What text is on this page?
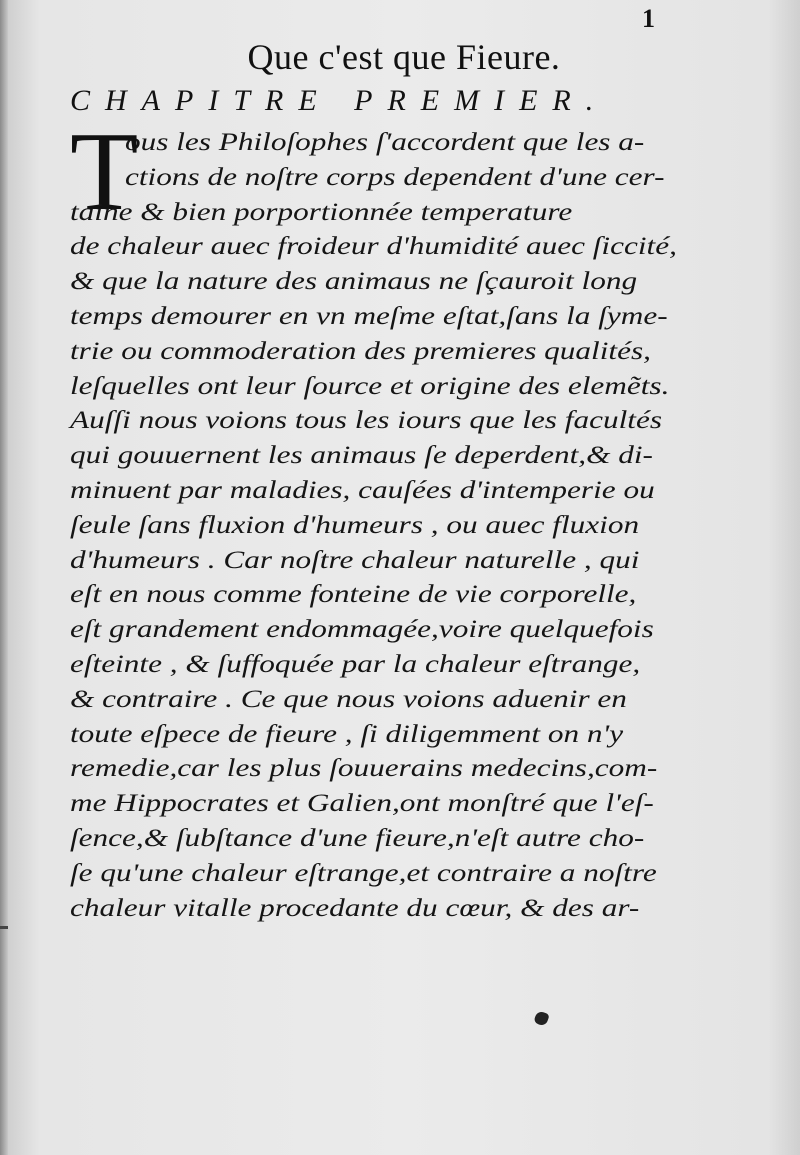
1
Que c'est que Fieure.
CHAPITRE PREMIER.
T
ous les Philoſophes ſ'accordent que les a-
ctions de noſtre corps dependent d'une cer-
taine & bien porportionnée temperature
de chaleur auec froideur d'humidité auec ſiccité,
& que la nature des animaus ne ſçauroit long
temps demourer en vn meſme eſtat,ſans la ſyme-
trie ou commoderation des premieres qualités,
leſquelles ont leur ſource et origine des elemẽts.
Auſſi nous voions tous les iours que les facultés
qui gouuernent les animaus ſe deperdent,& di-
minuent par maladies, cauſées d'intemperie ou
ſeule ſans fluxion d'humeurs , ou auec fluxion
d'humeurs . Car noſtre chaleur naturelle , qui
eſt en nous comme fonteine de vie corporelle,
eſt grandement endommagée,voire quelquefois
eſteinte , & ſuffoquée par la chaleur eſtrange,
& contraire . Ce que nous voions aduenir en
toute eſpece de fieure , ſi diligemment on n'y
remedie,car les plus ſouuerains medecins,com-
me Hippocrates et Galien,ont monſtré que l'eſ-
ſence,& ſubſtance d'une fieure,n'eſt autre cho-
ſe qu'une chaleur eſtrange,et contraire a noſtre
chaleur vitalle procedante du cœur, & des ar-
